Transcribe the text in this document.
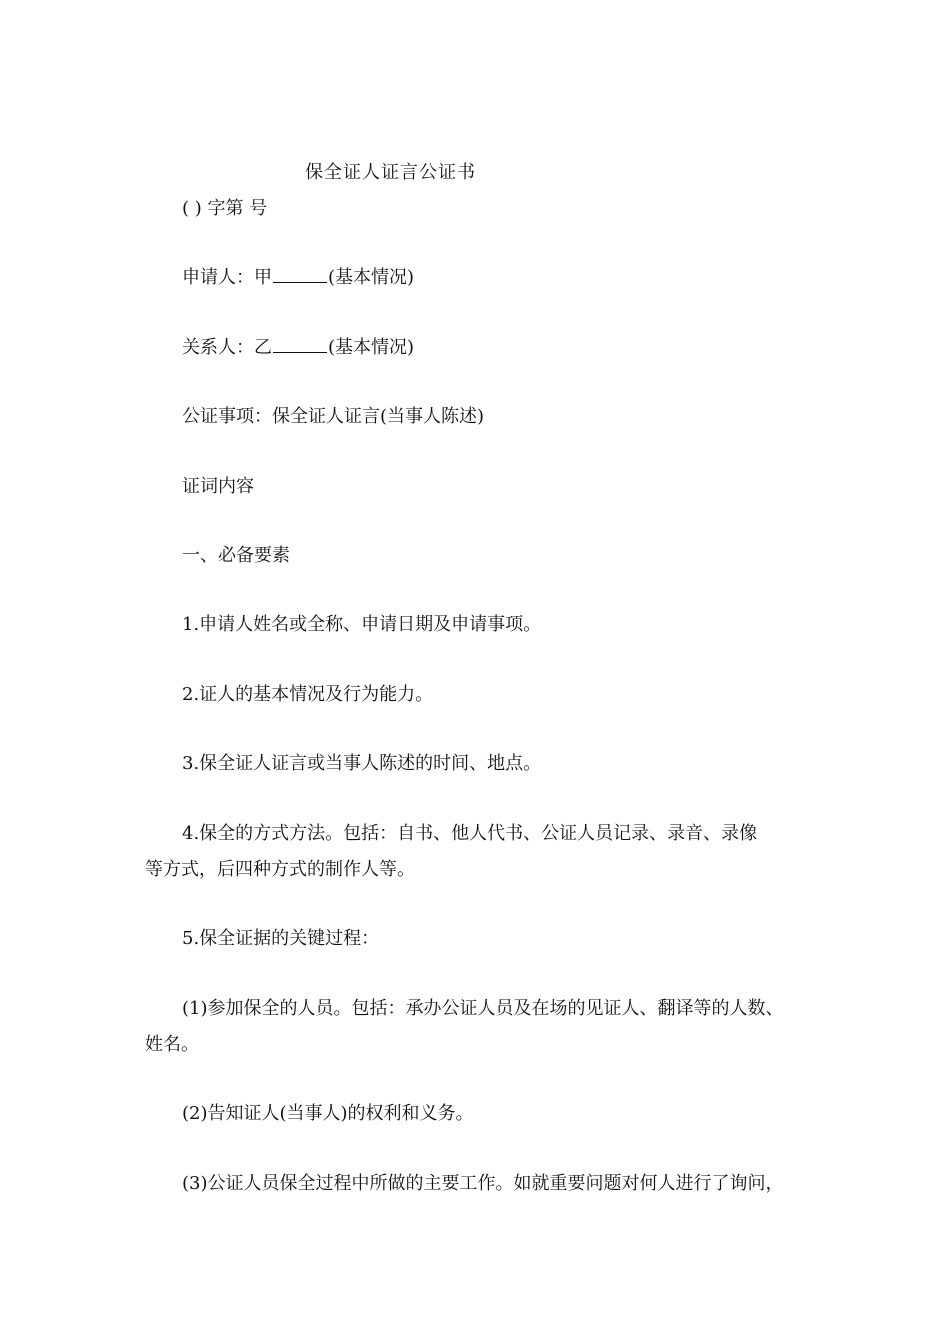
保全证人证言公证书
( ) 字第 号
申请人：甲	(基本情况)
关系人：乙	(基本情况)
公证事项：保全证人证言(当事人陈述)
证词内容
一、必备要素
1.申请人姓名或全称、申请日期及申请事项。
2.证人的基本情况及行为能力。
3.保全证人证言或当事人陈述的时间、地点。
4.保全的方式方法。包括：自书、他人代书、公证人员记录、录音、录像
等方式，后四种方式的制作人等。
5.保全证据的关键过程：
(1)参加保全的人员。包括：承办公证人员及在场的见证人、翻译等的人数、
姓名。
(2)告知证人(当事人)的权利和义务。
(3)公证人员保全过程中所做的主要工作。如就重要问题对何人进行了询问，
